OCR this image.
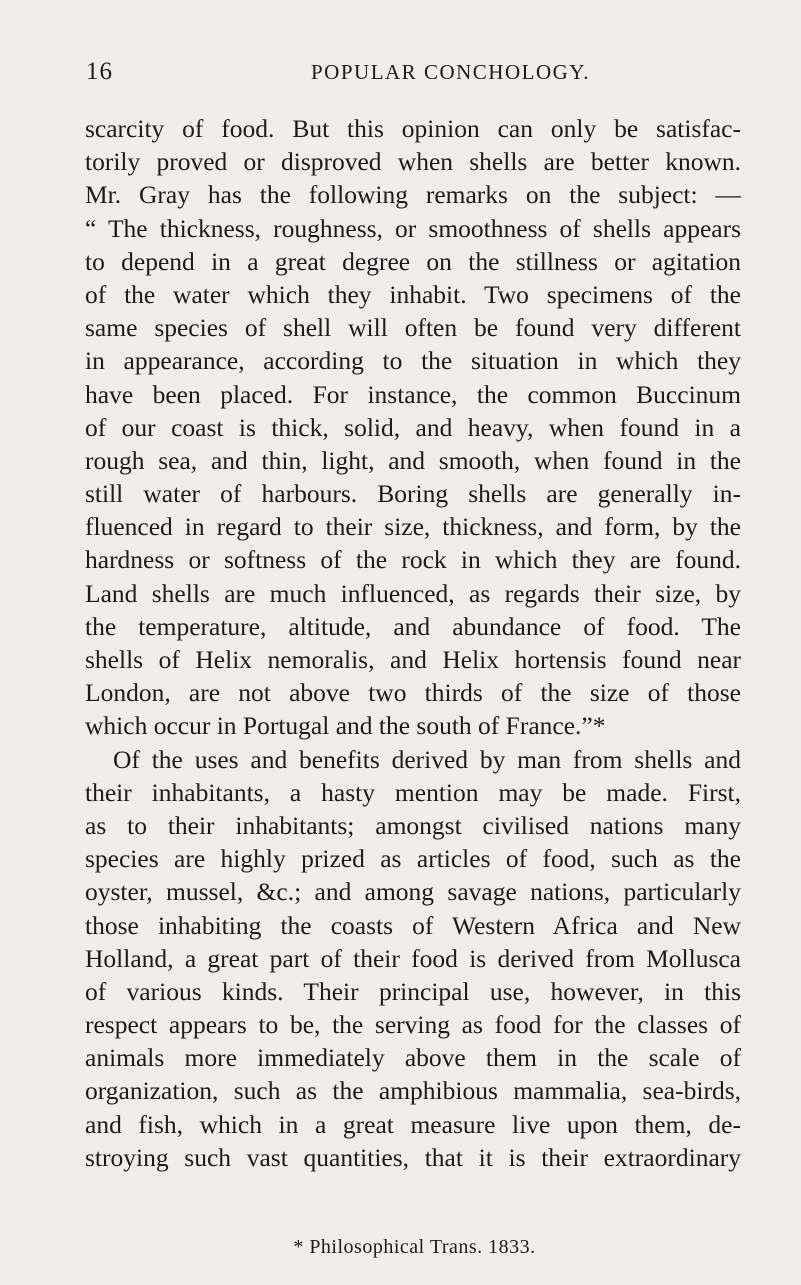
16	POPULAR CONCHOLOGY.
scarcity of food. But this opinion can only be satisfac-
torily proved or disproved when shells are better known.
Mr. Gray has the following remarks on the subject: —
“ The thickness, roughness, or smoothness of shells appears
to depend in a great degree on the stillness or agitation
of the water which they inhabit. Two specimens of the
same species of shell will often be found very different
in appearance, according to the situation in which they
have been placed. For instance, the common Buccinum
of our coast is thick, solid, and heavy, when found in a
rough sea, and thin, light, and smooth, when found in the
still water of harbours. Boring shells are generally in-
fluenced in regard to their size, thickness, and form, by the
hardness or softness of the rock in which they are found.
Land shells are much influenced, as regards their size, by
the temperature, altitude, and abundance of food. The
shells of Helix nemoralis, and Helix hortensis found near
London, are not above two thirds of the size of those
which occur in Portugal and the south of France.”*
Of the uses and benefits derived by man from shells and
their inhabitants, a hasty mention may be made. First,
as to their inhabitants; amongst civilised nations many
species are highly prized as articles of food, such as the
oyster, mussel, &c.; and among savage nations, particularly
those inhabiting the coasts of Western Africa and New
Holland, a great part of their food is derived from Mollusca
of various kinds. Their principal use, however, in this
respect appears to be, the serving as food for the classes of
animals more immediately above them in the scale of
organization, such as the amphibious mammalia, sea-birds,
and fish, which in a great measure live upon them, de-
stroying such vast quantities, that it is their extraordinary
* Philosophical Trans. 1833.
